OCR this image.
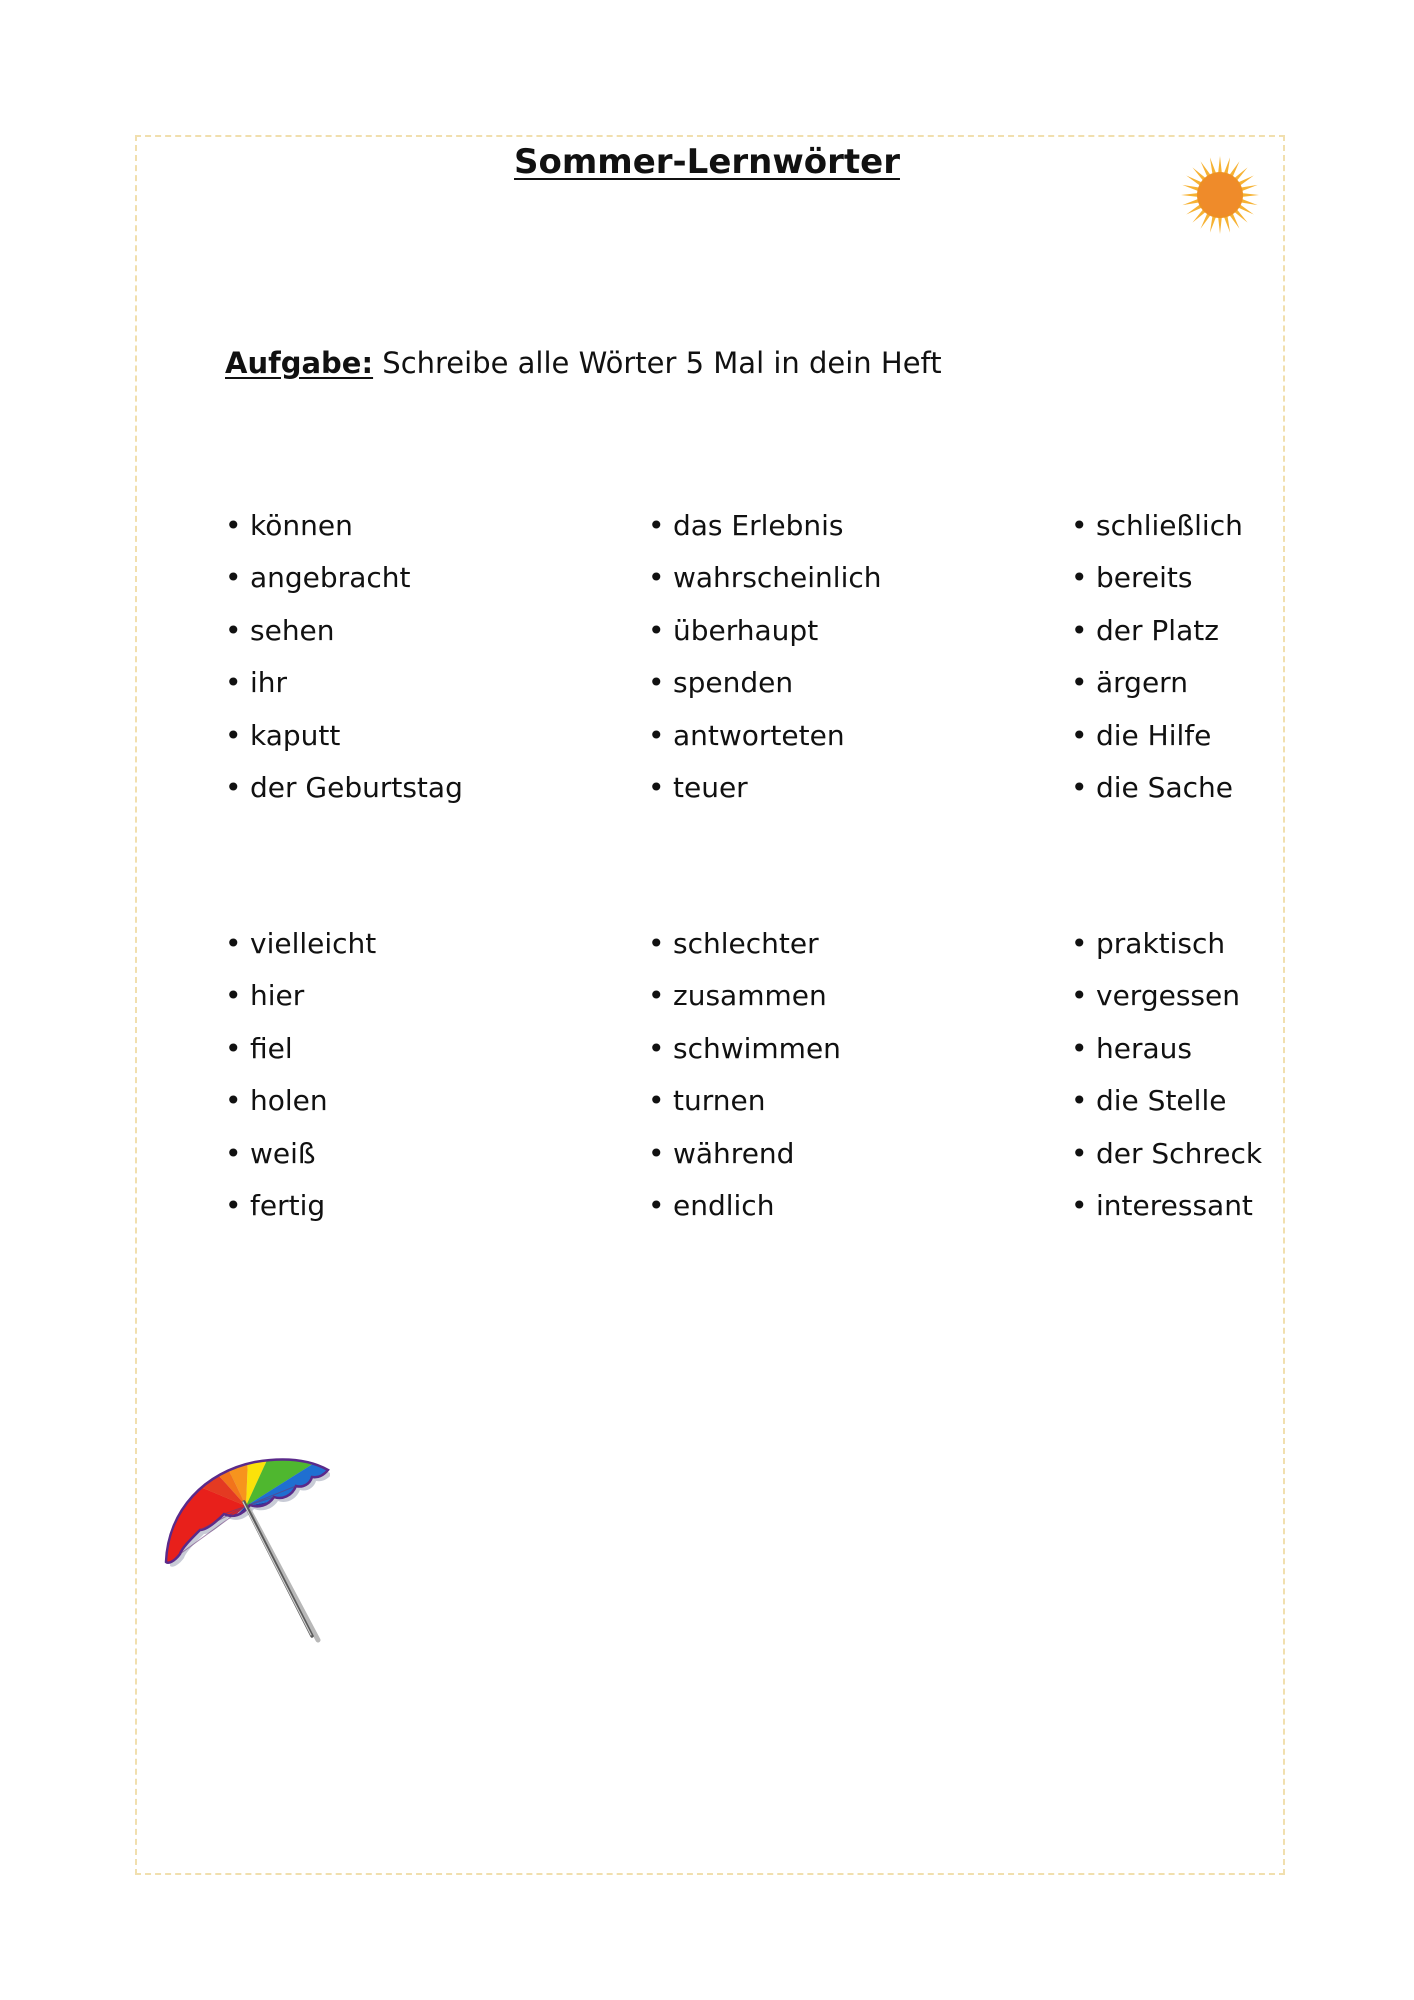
Sommer-Lernwörter

Aufgabe: Schreibe alle Wörter 5 Mal in dein Heft

• können
• angebracht
• sehen
• ihr
• kaputt
• der Geburtstag
• das Erlebnis
• wahrscheinlich
• überhaupt
• spenden
• antworteten
• teuer
• schließlich
• bereits
• der Platz
• ärgern
• die Hilfe
• die Sache
• vielleicht
• hier
• fiel
• holen
• weiß
• fertig
• schlechter
• zusammen
• schwimmen
• turnen
• während
• endlich
• praktisch
• vergessen
• heraus
• die Stelle
• der Schreck
• interessant
